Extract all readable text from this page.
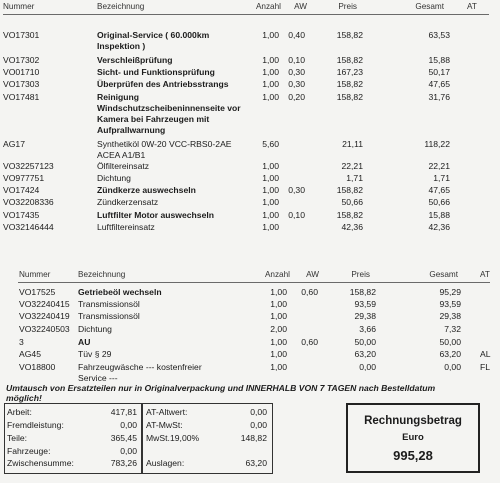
Nummer	Bezeichnung	Anzahl AW	Preis	Gesamt	AT
VO17301	Original-Service ( 60.000km
Inspektion )
1,00 0,40	158,82	63,53
VO17302	Verschleißprüfung	1,00 0,10	158,82	15,88
VO01710	Sicht- und Funktionsprüfung	1,00 0,30	167,23	50,17
VO17303	Überprüfen des Antriebsstrangs	1,00 0,30	158,82	47,65
VO17481	Reinigung
Windschutzscheibeninnenseite vor
Kamera bei Fahrzeugen mit
Aufprallwarnung
1,00 0,20	158,82	31,76
AG17	Synthetiköl 0W-20 VCC-RBS0-2AE
ACEA A1/B1
5,60	21,11	118,22
VO32257123	Ölfiltereinsatz	1,00	22,21	22,21
VO977751	Dichtung	1,00	1,71	1,71
VO17424	Zündkerze auswechseln	1,00 0,30	158,82	47,65
VO32208336	Zündkerzensatz	1,00	50,66	50,66
VO17435	Luftfilter Motor auswechseln	1,00 0,10	158,82	15,88
VO32146444	Luftfiltereinsatz	1,00	42,36	42,36
Nummer	Bezeichnung	Anzahl AW	Preis	Gesamt	AT
VO17525	Getriebeöl wechseln	1,00 0,60	158,82	95,29
VO32240415 Transmissionsöl	1,00	93,59	93,59
VO32240419 Transmissionsöl	1,00	29,38	29,38
VO32240503 Dichtung	2,00	3,66	7,32
3	AU	1,00 0,60	50,00	50,00
AG45	Tüv § 29	1,00	63,20	63,20 AL
VO18800	Fahrzeugwäsche --- kostenfreier
Service ---
1,00	0,00	0,00 FL
Umtausch von Ersatzteilen nur in Originalverpackung und INNERHALB VON 7 TAGEN nach Bestelldatum
möglich!
Arbeit:	417,81
Fremdleistung:	0,00
Teile:	365,45
Fahrzeuge:	0,00
Zwischensumme:	783,26
AT-Altwert:	0,00
AT-MwSt:	0,00
MwSt. 19,00%	148,82
Auslagen:	63,20
Rechnungsbetrag
Euro
995,28
